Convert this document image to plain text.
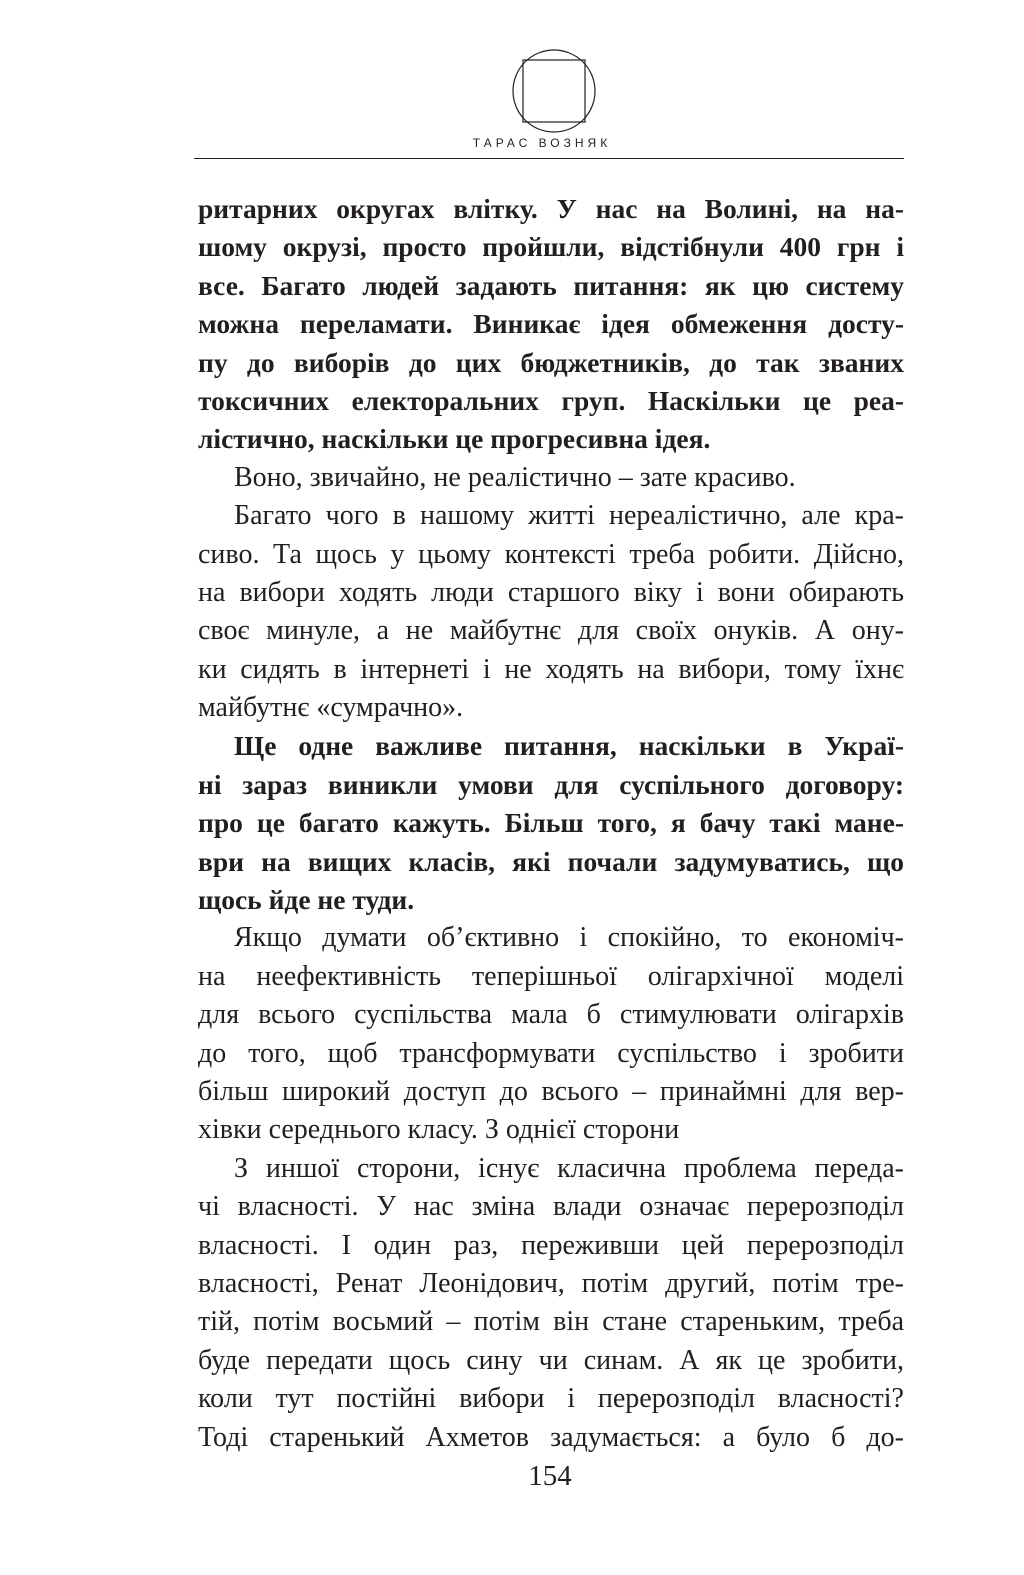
ТАРАС ВОЗНЯК
ритарних округах влітку. У нас на Волині, на на-
шому окрузі, просто пройшли, відстібнули 400 грн і
все. Багато людей задають питання: як цю систему
можна переламати. Виникає ідея обмеження досту-
пу до виборів до цих бюджетників, до так званих
токсичних електоральних груп. Наскільки це реа-
лістично, наскільки це прогресивна ідея.
Воно, звичайно, не реалістично – зате красиво.
Багато чого в нашому житті нереалістично, але кра-
сиво. Та щось у цьому контексті треба робити. Дійсно,
на вибори ходять люди старшого віку і вони обирають
своє минуле, а не майбутнє для своїх онуків. А ону-
ки сидять в інтернеті і не ходять на вибори, тому їхнє
майбутнє «сумрачно».
Ще одне важливе питання, наскільки в Украї-
ні зараз виникли умови для суспільного договору:
про це багато кажуть. Більш того, я бачу такі мане-
ври на вищих класів, які почали задумуватись, що
щось йде не туди.
Якщо думати об’єктивно і спокійно, то економіч-
на неефективність теперішньої олігархічної моделі
для всього суспільства мала б стимулювати олігархів
до того, щоб трансформувати суспільство і зробити
більш широкий доступ до всього – принаймні для вер-
хівки середнього класу. З однієї сторони
З иншої сторони, існує класична проблема переда-
чі власності. У нас зміна влади означає перерозподіл
власності. І один раз, переживши цей перерозподіл
власності, Ренат Леонідович, потім другий, потім тре-
тій, потім восьмий – потім він стане стареньким, треба
буде передати щось сину чи синам. А як це зробити,
коли тут постійні вибори і перерозподіл власності?
Тоді старенький Ахметов задумається: а було б до-
154
